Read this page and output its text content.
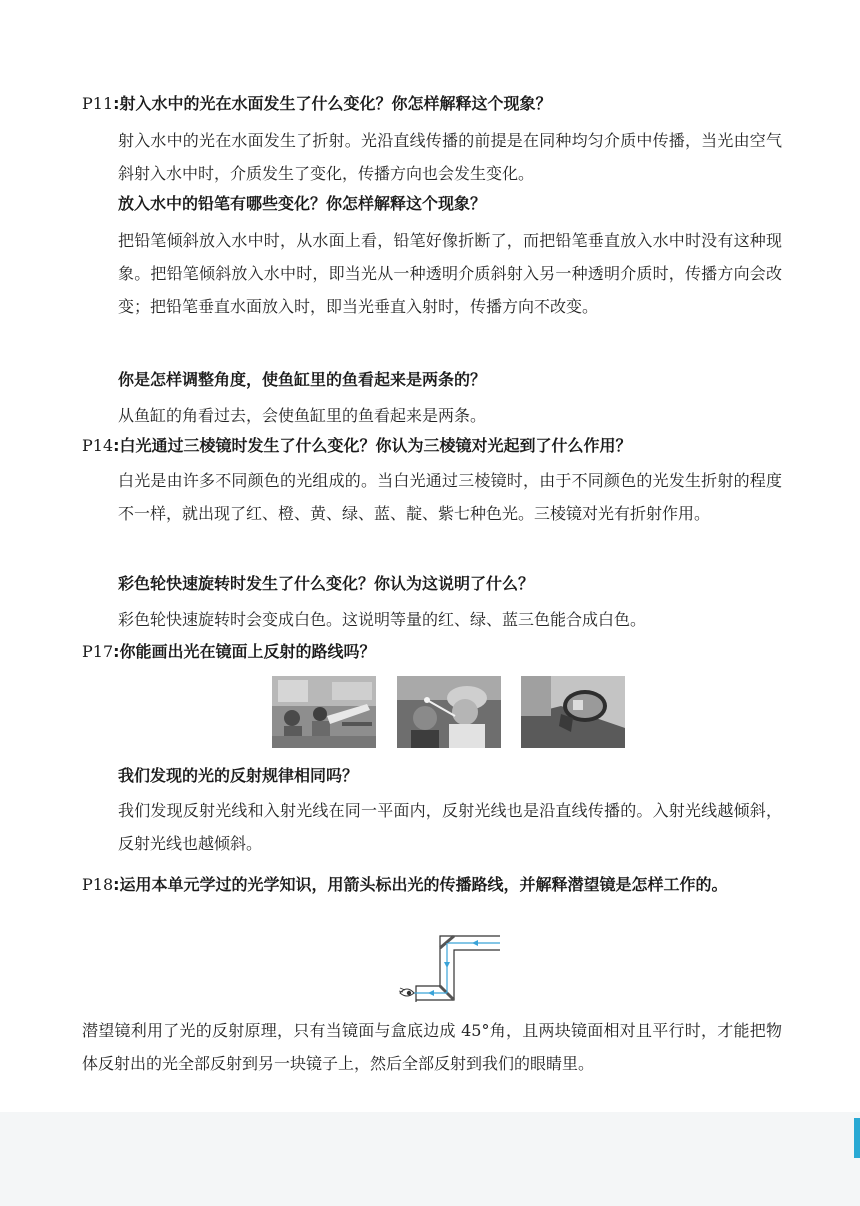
P11:射入水中的光在水面发生了什么变化？你怎样解释这个现象？
射入水中的光在水面发生了折射。光沿直线传播的前提是在同种均匀介质中传播，当光由空气斜射入水中时，介质发生了变化，传播方向也会发生变化。
放入水中的铅笔有哪些变化？你怎样解释这个现象？
把铅笔倾斜放入水中时，从水面上看，铅笔好像折断了，而把铅笔垂直放入水中时没有这种现象。把铅笔倾斜放入水中时，即当光从一种透明介质斜射入另一种透明介质时，传播方向会改变；把铅笔垂直水面放入时，即当光垂直入射时，传播方向不改变。
你是怎样调整角度，使鱼缸里的鱼看起来是两条的？
从鱼缸的角看过去，会使鱼缸里的鱼看起来是两条。
P14:白光通过三棱镜时发生了什么变化？你认为三棱镜对光起到了什么作用？
白光是由许多不同颜色的光组成的。当白光通过三棱镜时，由于不同颜色的光发生折射的程度不一样，就出现了红、橙、黄、绿、蓝、靛、紫七种色光。三棱镜对光有折射作用。
彩色轮快速旋转时发生了什么变化？你认为这说明了什么？
彩色轮快速旋转时会变成白色。这说明等量的红、绿、蓝三色能合成白色。
P17:你能画出光在镜面上反射的路线吗？
我们发现的光的反射规律相同吗？
我们发现反射光线和入射光线在同一平面内，反射光线也是沿直线传播的。入射光线越倾斜，反射光线也越倾斜。
P18:运用本单元学过的光学知识，用箭头标出光的传播路线，并解释潜望镜是怎样工作的。
潜望镜利用了光的反射原理，只有当镜面与盒底边成 45°角，且两块镜面相对且平行时，才能把物体反射出的光全部反射到另一块镜子上，然后全部反射到我们的眼睛里。
